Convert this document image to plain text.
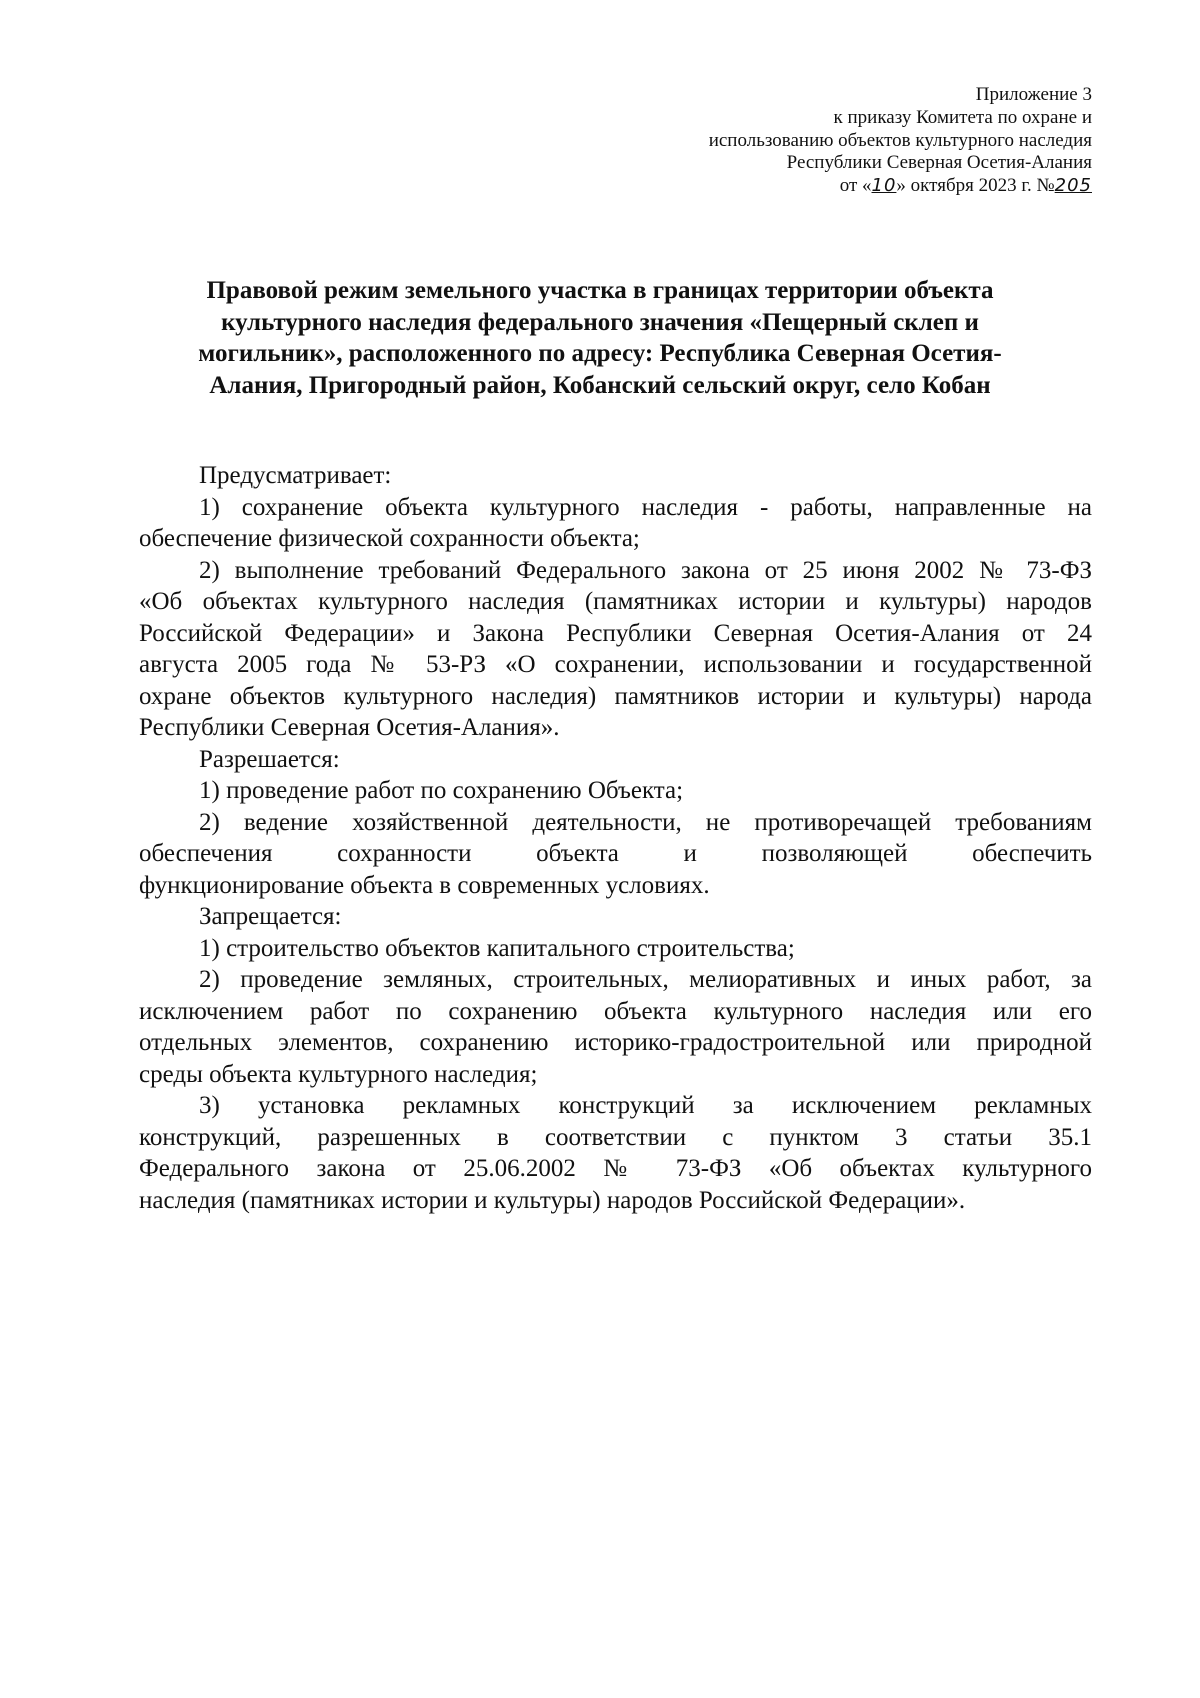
Приложение 3
к приказу Комитета по охране и
использованию объектов культурного наследия
Республики Северная Осетия-Алания
от «10» октября 2023 г. №205
Правовой режим земельного участка в границах территории объекта
культурного наследия федерального значения «Пещерный склеп и
могильник», расположенного по адресу: Республика Северная Осетия-
Алания, Пригородный район, Кобанский сельский округ, село Кобан
Предусматривает:
1) сохранение объекта культурного наследия - работы, направленные на
обеспечение физической сохранности объекта;
2) выполнение требований Федерального закона от 25 июня 2002 № 73-ФЗ
«Об объектах культурного наследия (памятниках истории и культуры) народов
Российской Федерации» и Закона Республики Северная Осетия-Алания от 24
августа 2005 года № 53-РЗ «О сохранении, использовании и государственной
охране объектов культурного наследия) памятников истории и культуры) народа
Республики Северная Осетия-Алания».
Разрешается:
1) проведение работ по сохранению Объекта;
2) ведение хозяйственной деятельности, не противоречащей требованиям
обеспечения сохранности объекта и позволяющей обеспечить
функционирование объекта в современных условиях.
Запрещается:
1) строительство объектов капитального строительства;
2) проведение земляных, строительных, мелиоративных и иных работ, за
исключением работ по сохранению объекта культурного наследия или его
отдельных элементов, сохранению историко-градостроительной или природной
среды объекта культурного наследия;
3) установка рекламных конструкций за исключением рекламных
конструкций, разрешенных в соответствии с пунктом 3 статьи 35.1
Федерального закона от 25.06.2002 № 73-ФЗ «Об объектах культурного
наследия (памятниках истории и культуры) народов Российской Федерации».
